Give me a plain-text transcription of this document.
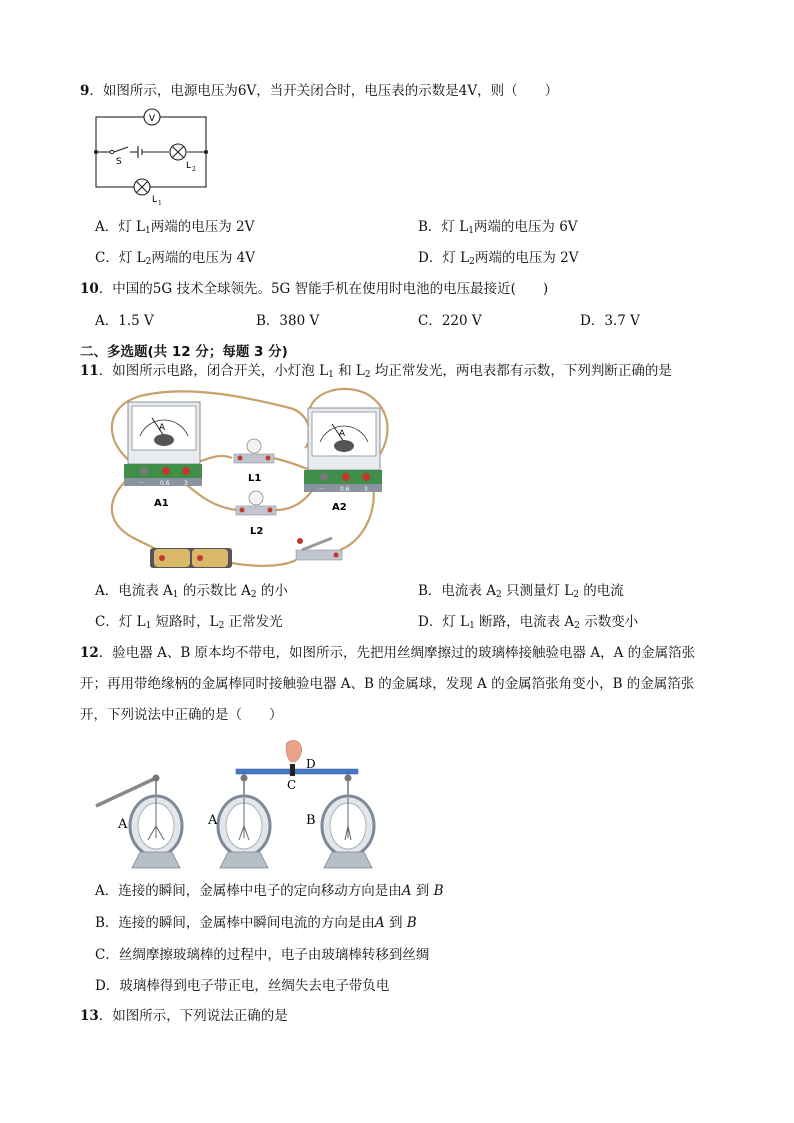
9．如图所示，电源电压为6V，当开关闭合时，电压表的示数是4V，则（　　）
V
S	L 2
L 1
A．灯 $L_1$两端的电压为 2V	B．灯 $L_1$两端的电压为 6V
C．灯 $L_2$两端的电压为 4V	D．灯 $L_2$两端的电压为 2V
10．中国的5G 技术全球领先。5G 智能手机在使用时电池的电压最接近(　　)
A．1.5 V	B．380 V	C．220 V	D．3.7 V
二、多选题(共 12 分；每题 3 分)
11．如图所示电路，闭合开关，小灯泡 $L_1$ 和 $L_2$ 均正常发光，两电表都有示数，下列判断正确的是
A
－	0.6 3
A1
A
－	0.6 3
A2
L1
L2
A．电流表 $A_1$ 的示数比 $A_2$ 的小	B．电流表 $A_2$ 只测量灯 $L_2$ 的电流
C．灯 $L_1$ 短路时，$L_2$ 正常发光	D．灯 $L_1$ 断路，电流表 $A_2$ 示数变小
12．验电器 A、B 原本均不带电，如图所示，先把用丝绸摩擦过的玻璃棒接触验电器 A，A 的金属箔张
开；再用带绝缘柄的金属棒同时接触验电器 A、B 的金属球，发现 A 的金属箔张角变小，B 的金属箔张
开，下列说法中正确的是（　　）
A	A	B
C
D
A．连接的瞬间，金属棒中电子的定向移动方向是由A 到 B
B．连接的瞬间，金属棒中瞬间电流的方向是由A 到 B
C．丝绸摩擦玻璃棒的过程中，电子由玻璃棒转移到丝绸
D．玻璃棒得到电子带正电，丝绸失去电子带负电
13．如图所示，下列说法正确的是
